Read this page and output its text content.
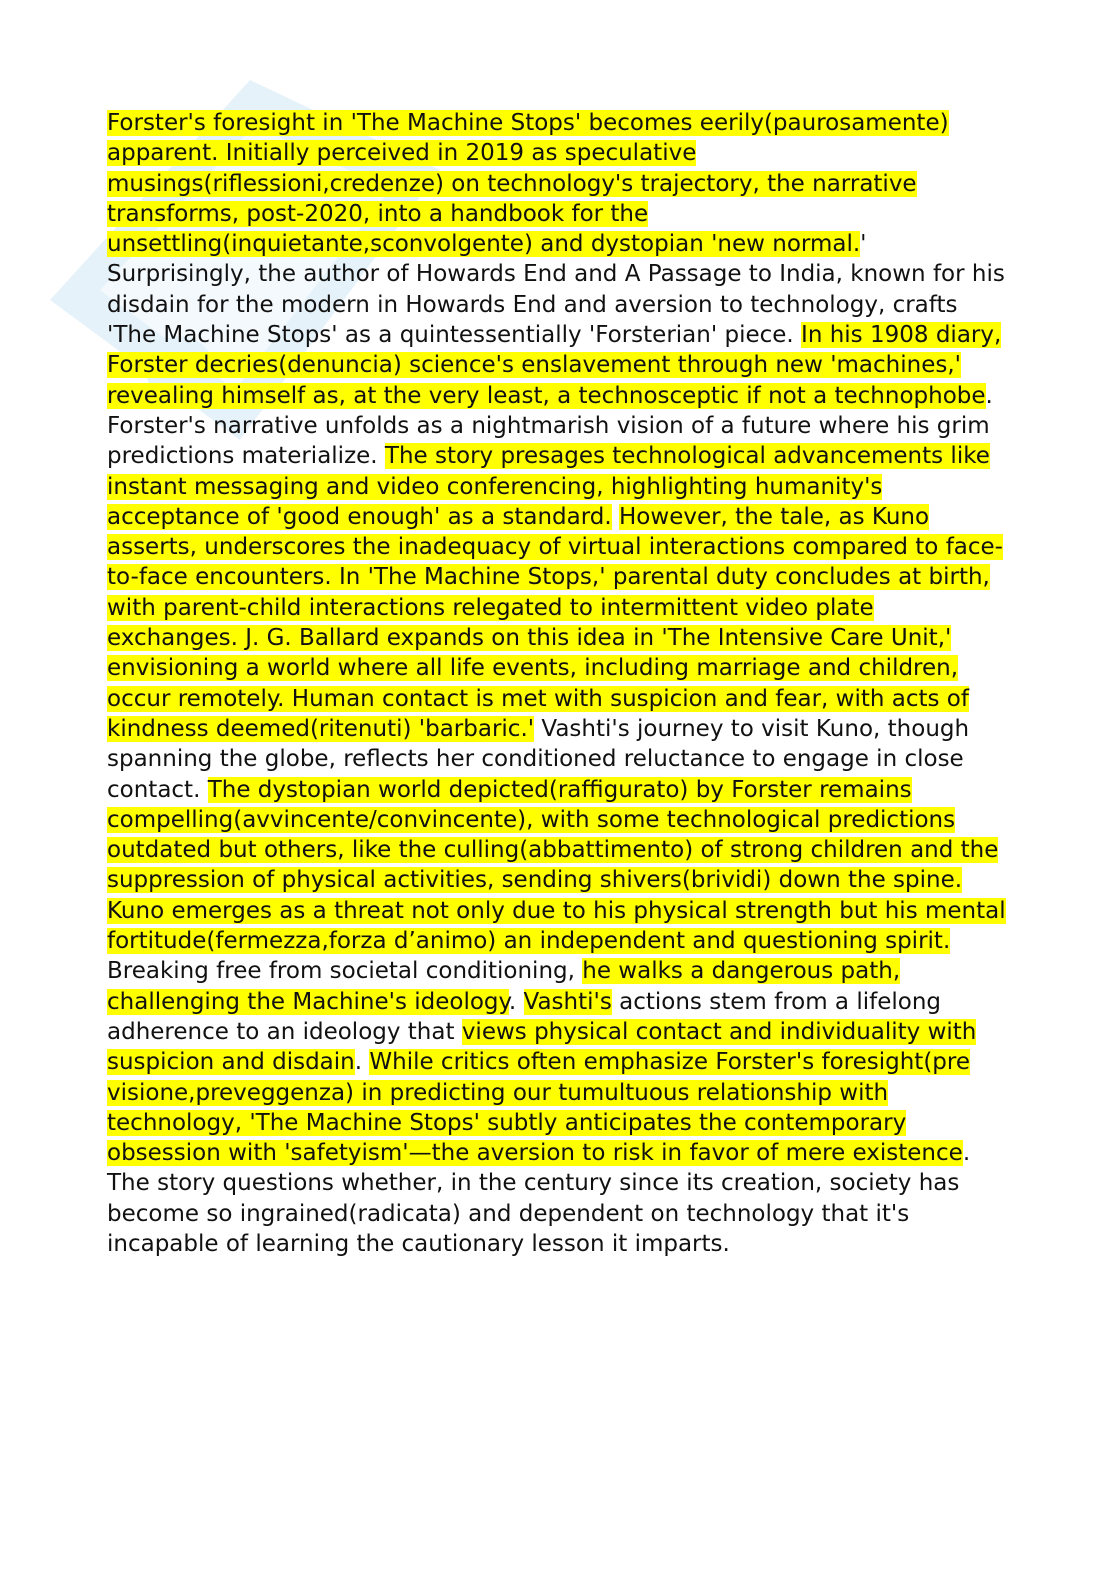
Forster's foresight in 'The Machine Stops' becomes eerily(paurosamente) apparent. Initially perceived in 2019 as speculative musings(riflessioni,credenze) on technology's trajectory, the narrative transforms, post-2020, into a handbook for the unsettling(inquietante,sconvolgente) and dystopian 'new normal.' Surprisingly, the author of Howards End and A Passage to India, known for his disdain for the modern in Howards End and aversion to technology, crafts 'The Machine Stops' as a quintessentially 'Forsterian' piece. In his 1908 diary, Forster decries(denuncia) science's enslavement through new 'machines,' revealing himself as, at the very least, a technosceptic if not a technophobe. Forster's narrative unfolds as a nightmarish vision of a future where his grim predictions materialize. The story presages technological advancements like instant messaging and video conferencing, highlighting humanity's acceptance of 'good enough' as a standard. However, the tale, as Kuno asserts, underscores the inadequacy of virtual interactions compared to face-to-face encounters. In 'The Machine Stops,' parental duty concludes at birth, with parent-child interactions relegated to intermittent video plate exchanges. J. G. Ballard expands on this idea in 'The Intensive Care Unit,' envisioning a world where all life events, including marriage and children, occur remotely. Human contact is met with suspicion and fear, with acts of kindness deemed(ritenuti) 'barbaric.' Vashti's journey to visit Kuno, though spanning the globe, reflects her conditioned reluctance to engage in close contact. The dystopian world depicted(raffigurato) by Forster remains compelling(avvincente/convincente), with some technological predictions outdated but others, like the culling(abbattimento) of strong children and the suppression of physical activities, sending shivers(brividi) down the spine. Kuno emerges as a threat not only due to his physical strength but his mental fortitude(fermezza,forza d’animo) an independent and questioning spirit. Breaking free from societal conditioning, he walks a dangerous path, challenging the Machine's ideology. Vashti's actions stem from a lifelong adherence to an ideology that views physical contact and individuality with suspicion and disdain. While critics often emphasize Forster's foresight(pre visione,preveggenza) in predicting our tumultuous relationship with technology, 'The Machine Stops' subtly anticipates the contemporary obsession with 'safetyism'—the aversion to risk in favor of mere existence. The story questions whether, in the century since its creation, society has become so ingrained(radicata) and dependent on technology that it's incapable of learning the cautionary lesson it imparts.
